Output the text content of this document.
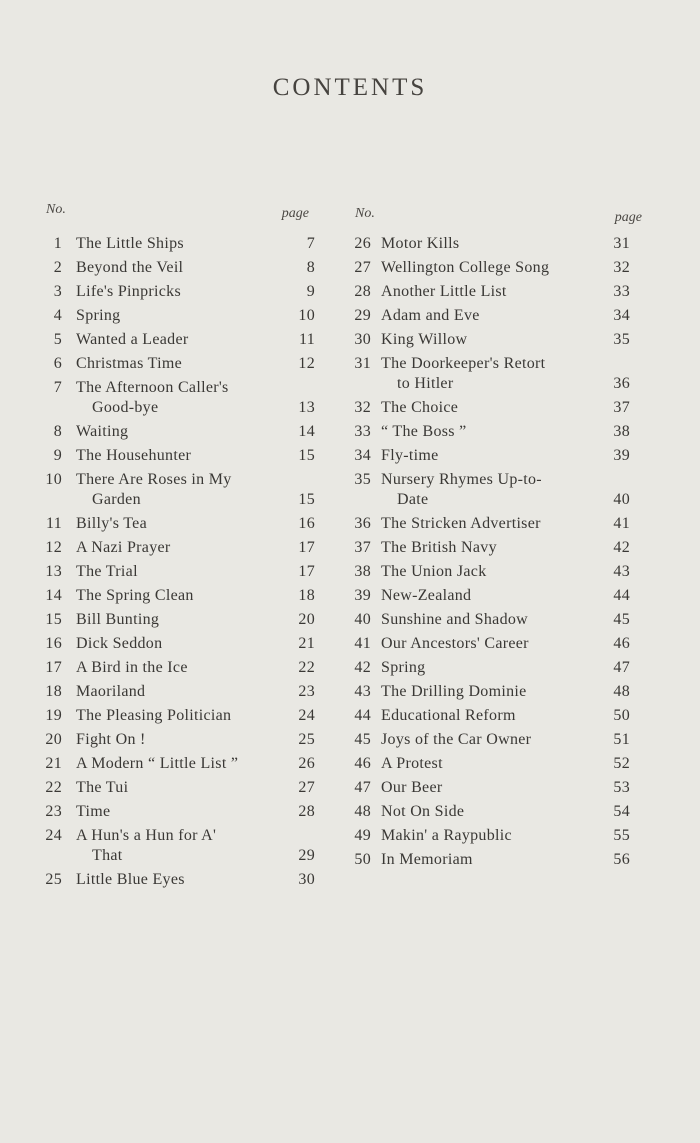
CONTENTS
No.	page
1 The Little Ships	7
2 Beyond the Veil	8
3 Life's Pinpricks	9
4 Spring	10
5 Wanted a Leader	11
6 Christmas Time	12
7 The Afternoon Caller's
Good-bye	13
8 Waiting	14
9 The Househunter	15
10 There Are Roses in My
Garden	15
11 Billy's Tea	16
12 A Nazi Prayer	17
13 The Trial	17
14 The Spring Clean	18
15 Bill Bunting	20
16 Dick Seddon	21
17 A Bird in the Ice	22
18 Maoriland	23
19 The Pleasing Politician	24
20 Fight On !	25
21 A Modern “ Little List ”	26
22 The Tui	27
23 Time	28
24 A Hun's a Hun for A'
That	29
25 Little Blue Eyes	30
No.	page
26 Motor Kills	31
27 Wellington College Song	32
28 Another Little List	33
29 Adam and Eve	34
30 King Willow	35
31 The Doorkeeper's Retort
to Hitler	36
32 The Choice	37
33 “ The Boss ”	38
34 Fly-time	39
35 Nursery Rhymes Up-to-
Date	40
36 The Stricken Advertiser	41
37 The British Navy	42
38 The Union Jack	43
39 New-Zealand	44
40 Sunshine and Shadow	45
41 Our Ancestors' Career	46
42 Spring	47
43 The Drilling Dominie	48
44 Educational Reform	50
45 Joys of the Car Owner	51
46 A Protest	52
47 Our Beer	53
48 Not On Side	54
49 Makin' a Raypublic	55
50 In Memoriam	56
